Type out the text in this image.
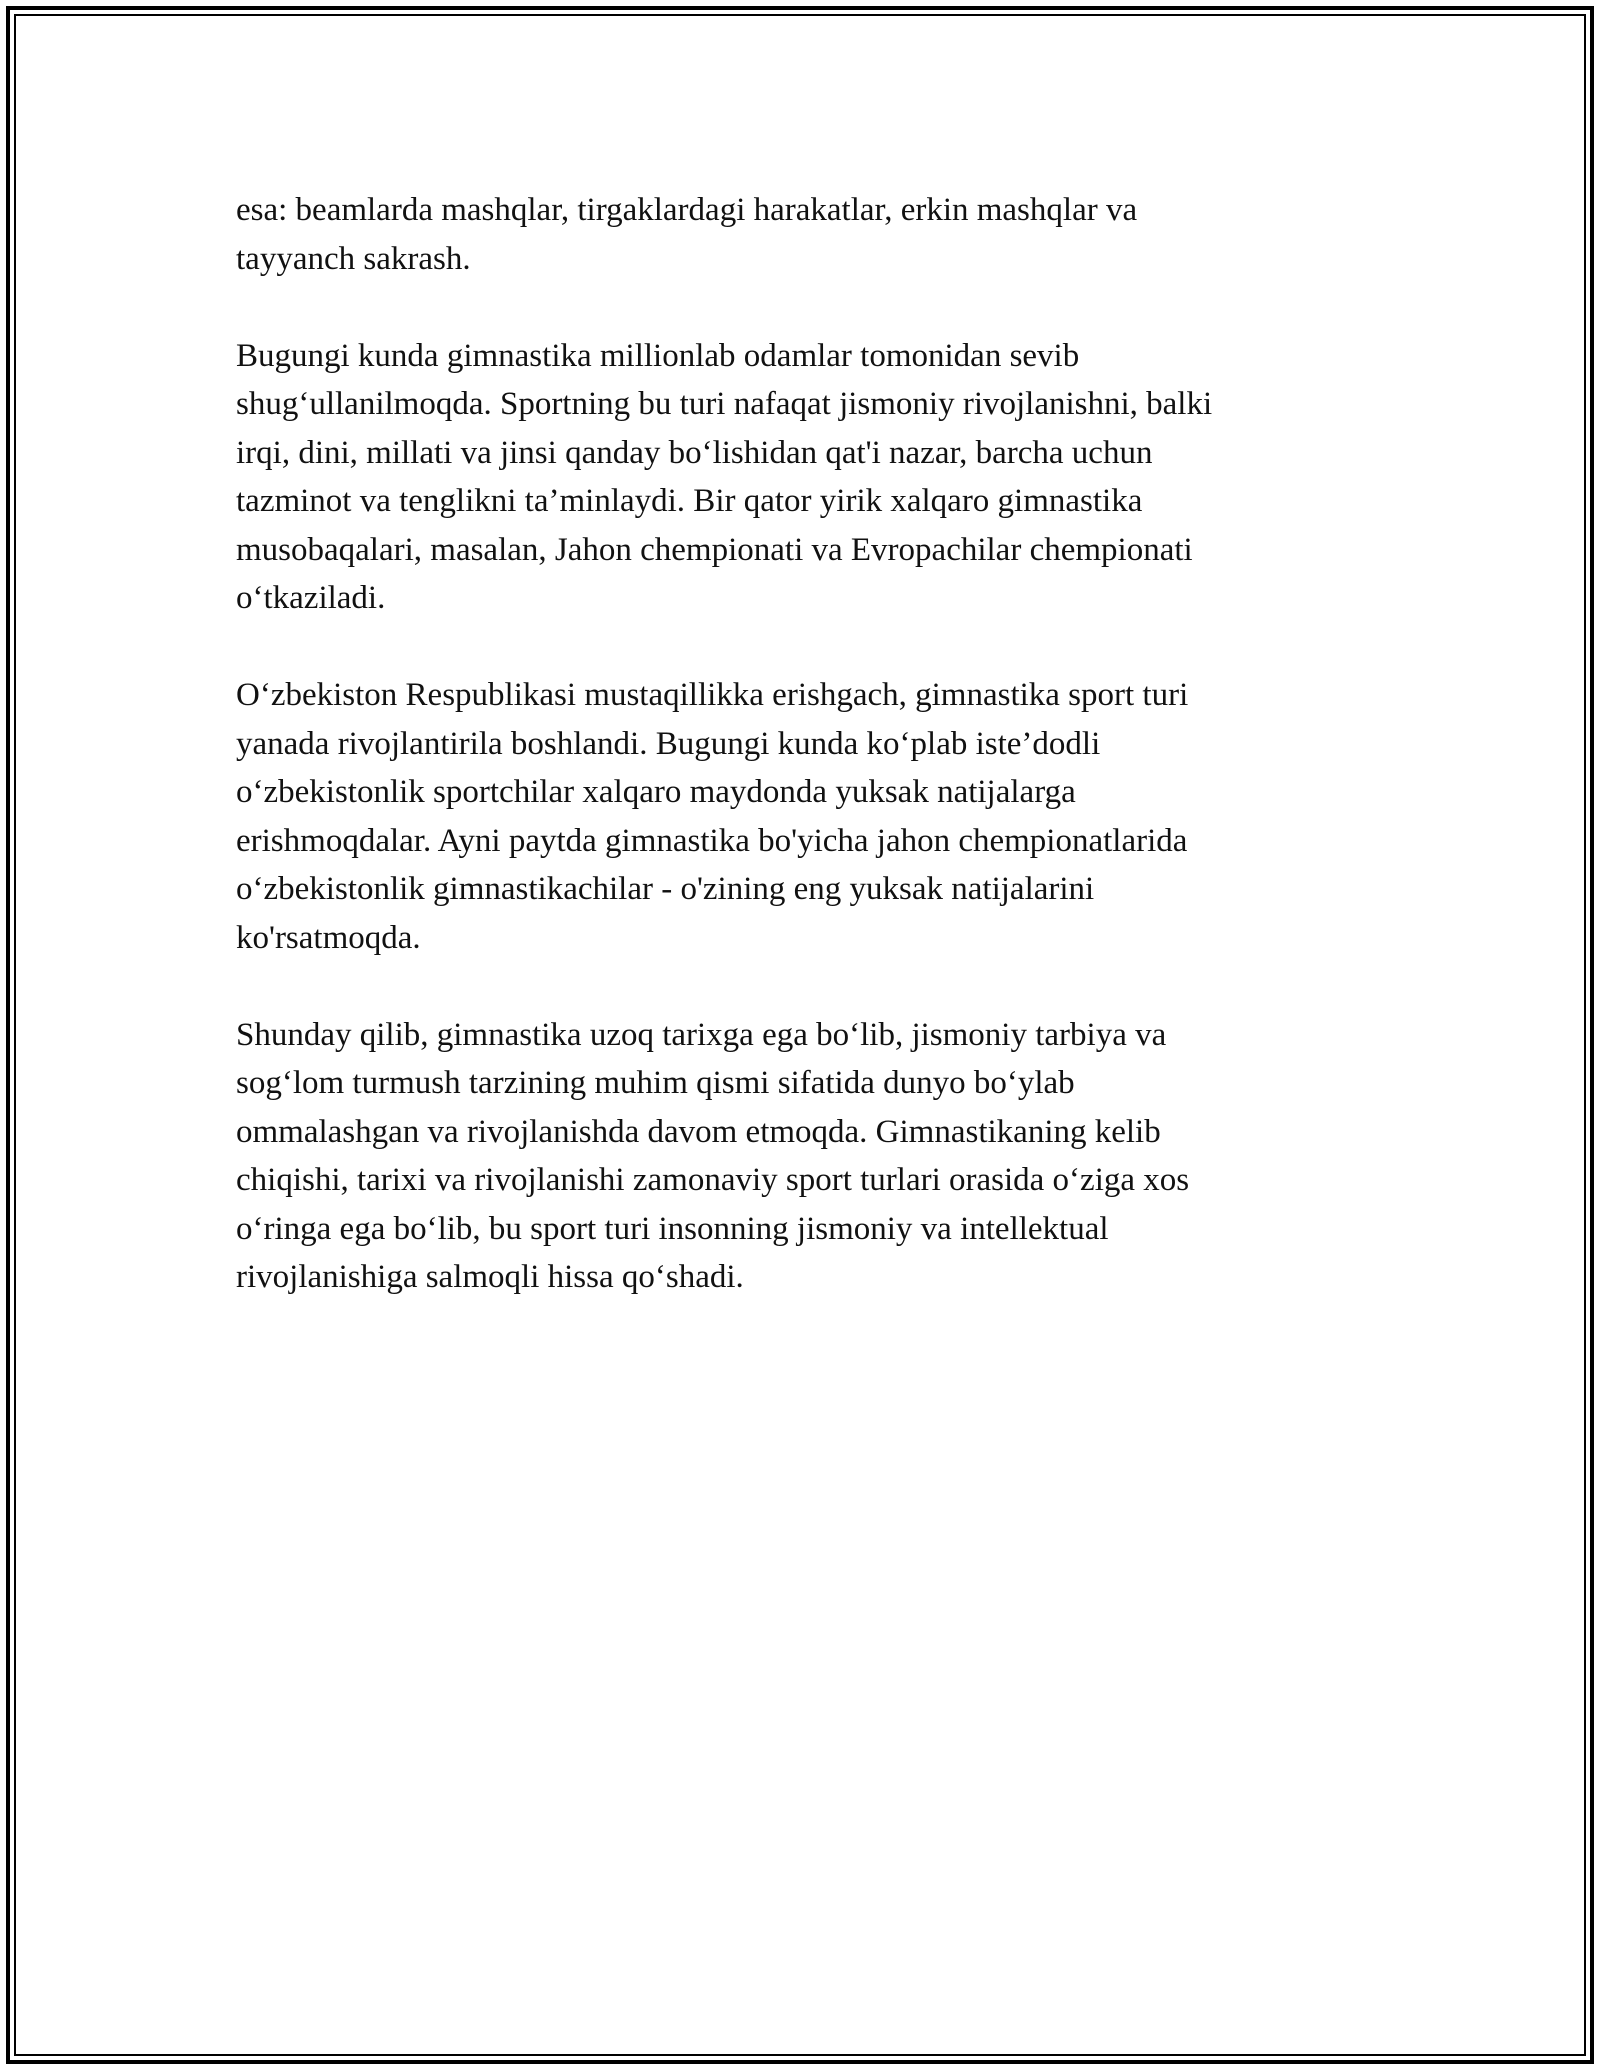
esa: beamlarda mashqlar, tirgaklardagi harakatlar, erkin mashqlar va
tayyanch sakrash.

Bugungi kunda gimnastika millionlab odamlar tomonidan sevib
shug‘ullanilmoqda. Sportning bu turi nafaqat jismoniy rivojlanishni, balki
irqi, dini, millati va jinsi qanday bo‘lishidan qat'i nazar, barcha uchun
tazminot va tenglikni ta’minlaydi. Bir qator yirik xalqaro gimnastika
musobaqalari, masalan, Jahon chempionati va Evropachilar chempionati
o‘tkaziladi.

O‘zbekiston Respublikasi mustaqillikka erishgach, gimnastika sport turi
yanada rivojlantirila boshlandi. Bugungi kunda ko‘plab iste’dodli
o‘zbekistonlik sportchilar xalqaro maydonda yuksak natijalarga
erishmoqdalar. Ayni paytda gimnastika bo'yicha jahon chempionatlarida
o‘zbekistonlik gimnastikachilar - o'zining eng yuksak natijalarini
ko'rsatmoqda.

Shunday qilib, gimnastika uzoq tarixga ega bo‘lib, jismoniy tarbiya va
sog‘lom turmush tarzining muhim qismi sifatida dunyo bo‘ylab
ommalashgan va rivojlanishda davom etmoqda. Gimnastikaning kelib
chiqishi, tarixi va rivojlanishi zamonaviy sport turlari orasida o‘ziga xos
o‘ringa ega bo‘lib, bu sport turi insonning jismoniy va intellektual
rivojlanishiga salmoqli hissa qo‘shadi.
